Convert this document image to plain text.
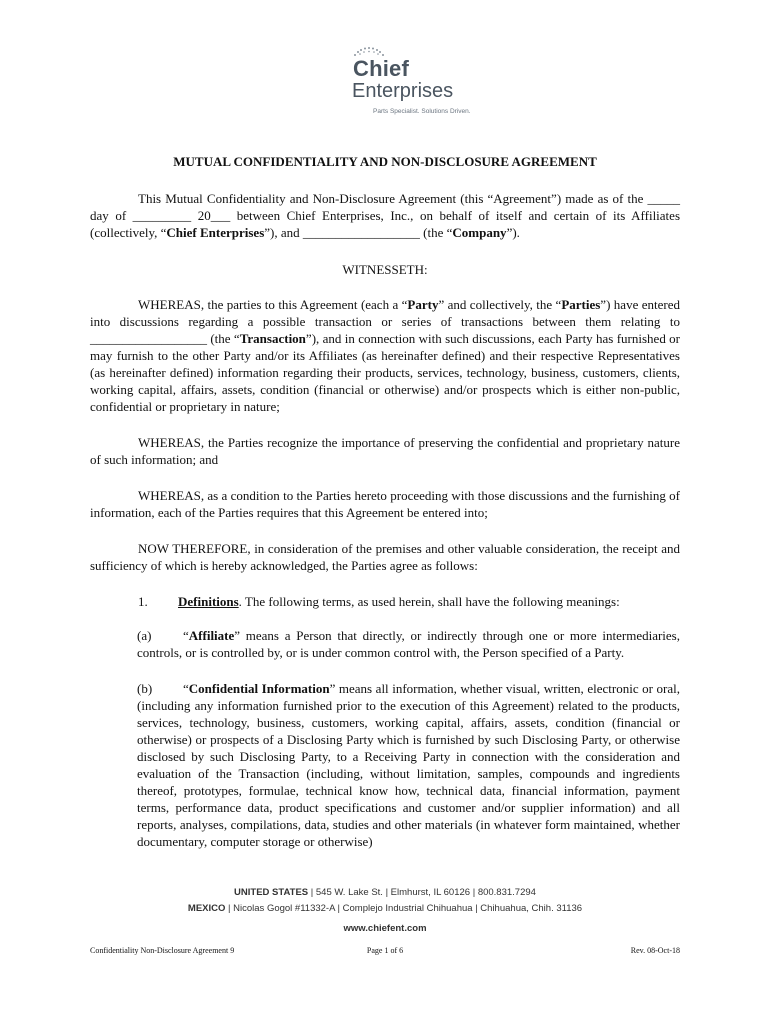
Chief
Enterprises
Parts Specialist. Solutions Driven.
MUTUAL CONFIDENTIALITY AND NON-DISCLOSURE AGREEMENT
This Mutual Confidentiality and Non-Disclosure Agreement (this “Agreement”) made as of the _____ day of _________ 20___ between Chief Enterprises, Inc., on behalf of itself and certain of its Affiliates (collectively, “Chief Enterprises”), and __________________ (the “Company”).
WITNESSETH:
WHEREAS, the parties to this Agreement (each a “Party” and collectively, the “Parties”) have entered into discussions regarding a possible transaction or series of transactions between them relating to __________________ (the “Transaction”), and in connection with such discussions, each Party has furnished or may furnish to the other Party and/or its Affiliates (as hereinafter defined) and their respective Representatives (as hereinafter defined) information regarding their products, services, technology, business, customers, clients, working capital, affairs, assets, condition (financial or otherwise) and/or prospects which is either non-public, confidential or proprietary in nature;
WHEREAS, the Parties recognize the importance of preserving the confidential and proprietary nature of such information; and
WHEREAS, as a condition to the Parties hereto proceeding with those discussions and the furnishing of information, each of the Parties requires that this Agreement be entered into;
NOW THEREFORE, in consideration of the premises and other valuable consideration, the receipt and sufficiency of which is hereby acknowledged, the Parties agree as follows:
1. Definitions. The following terms, as used herein, shall have the following meanings:
(a) “Affiliate” means a Person that directly, or indirectly through one or more intermediaries, controls, or is controlled by, or is under common control with, the Person specified of a Party.
(b) “Confidential Information” means all information, whether visual, written, electronic or oral, (including any information furnished prior to the execution of this Agreement) related to the products, services, technology, business, customers, working capital, affairs, assets, condition (financial or otherwise) or prospects of a Disclosing Party which is furnished by such Disclosing Party, or otherwise disclosed by such Disclosing Party, to a Receiving Party in connection with the consideration and evaluation of the Transaction (including, without limitation, samples, compounds and ingredients thereof, prototypes, formulae, technical know how, technical data, financial information, payment terms, performance data, product specifications and customer and/or supplier information) and all reports, analyses, compilations, data, studies and other materials (in whatever form maintained, whether documentary, computer storage or otherwise)
UNITED STATES | 545 W. Lake St. | Elmhurst, IL 60126 | 800.831.7294
MEXICO | Nicolas Gogol #11332-A | Complejo Industrial Chihuahua | Chihuahua, Chih. 31136
www.chiefent.com
Confidentiality Non-Disclosure Agreement 9	Page 1 of 6	Rev. 08-Oct-18
